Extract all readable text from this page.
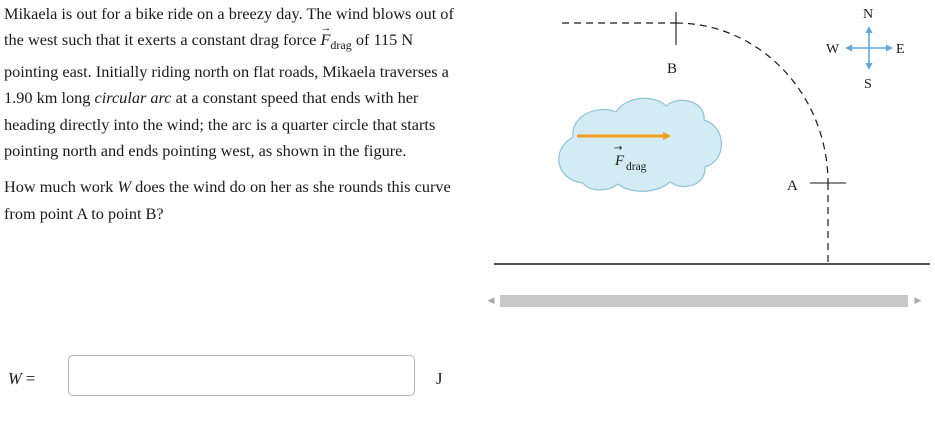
Mikaela is out for a bike ride on a breezy day. The wind blows out of the west such that it exerts a constant drag force → $F_{drag}$ of 115 N pointing east. Initially riding north on flat roads, Mikaela traverses a 1.90 km long circular arc at a constant speed that ends with her heading directly into the wind; the arc is a quarter circle that starts pointing north and ends pointing west, as shown in the figure.

How much work W does the wind do on her as she rounds this curve from point A to point B?

B
A
→
F drag
N
S
E
W
◀	▶
W =	J
